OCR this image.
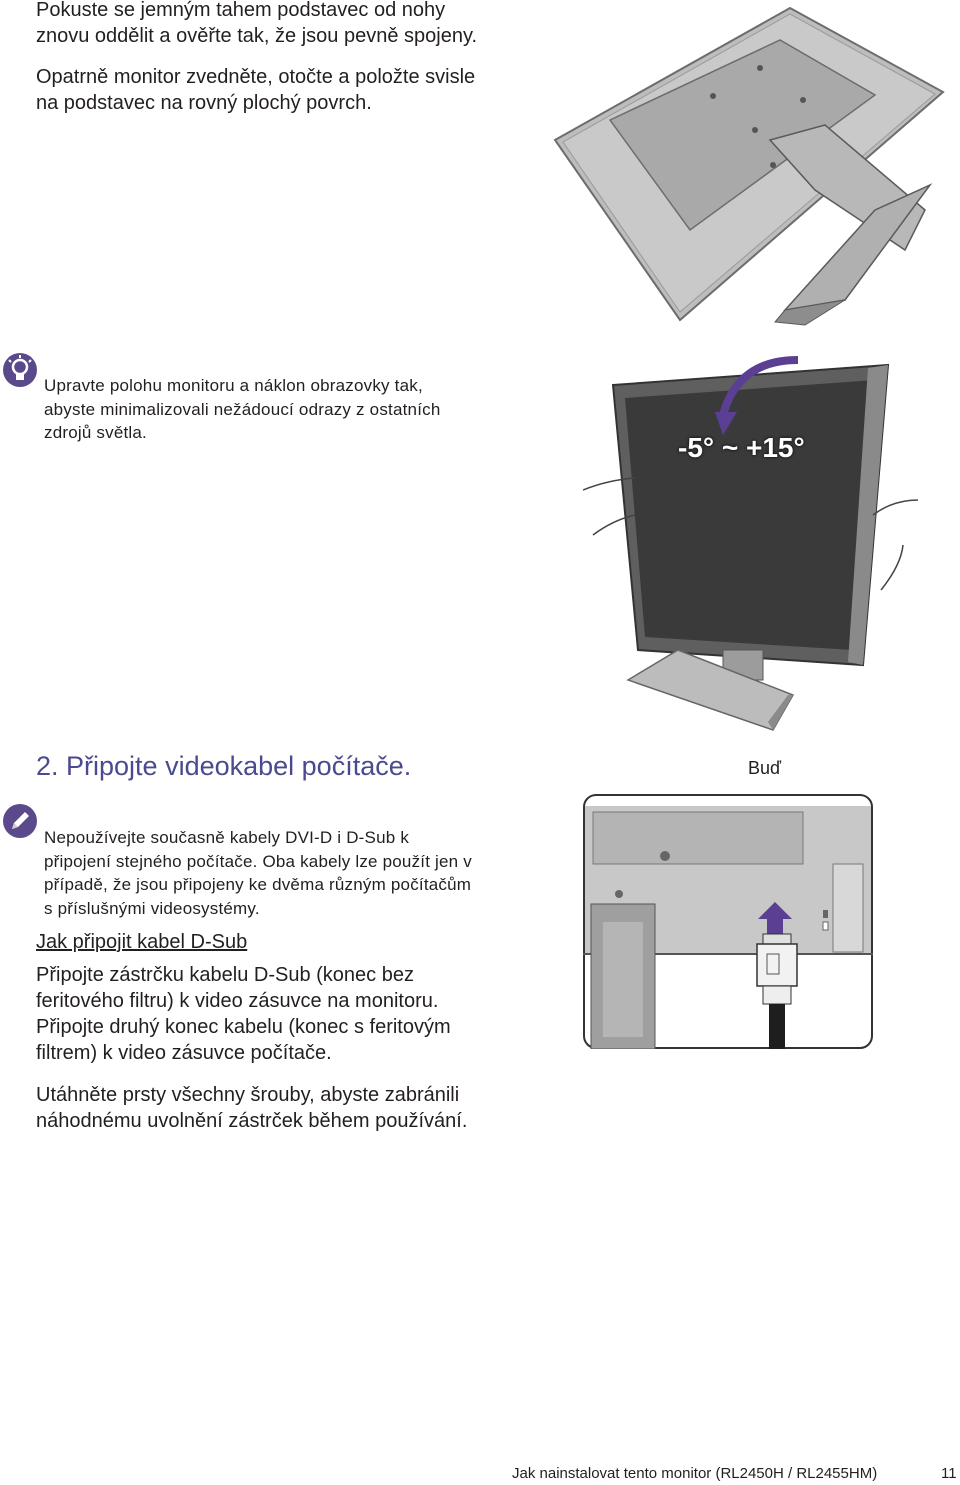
Pokuste se jemným tahem podstavec od nohy
znovu oddělit a ověřte tak, že jsou pevně spojeny.
Opatrně monitor zvedněte, otočte a položte svisle
na podstavec na rovný plochý povrch.
Upravte polohu monitoru a náklon obrazovky tak,
abyste minimalizovali nežádoucí odrazy z ostatních
zdrojů světla.	-5° ~ +15°
2. Připojte videokabel počítače.	Buď
Nepoužívejte současně kabely DVI-D i D-Sub k
připojení stejného počítače. Oba kabely lze použít jen v
případě, že jsou připojeny ke dvěma různým počítačům
s příslušnými videosystémy.
Jak připojit kabel D-Sub
Připojte zástrčku kabelu D-Sub (konec bez
feritového filtru) k video zásuvce na monitoru.
Připojte druhý konec kabelu (konec s feritovým
filtrem) k video zásuvce počítače.
Utáhněte prsty všechny šrouby, abyste zabránili
náhodnému uvolnění zástrček během používání.
Jak nainstalovat tento monitor (RL2450H / RL2455HM)	11
